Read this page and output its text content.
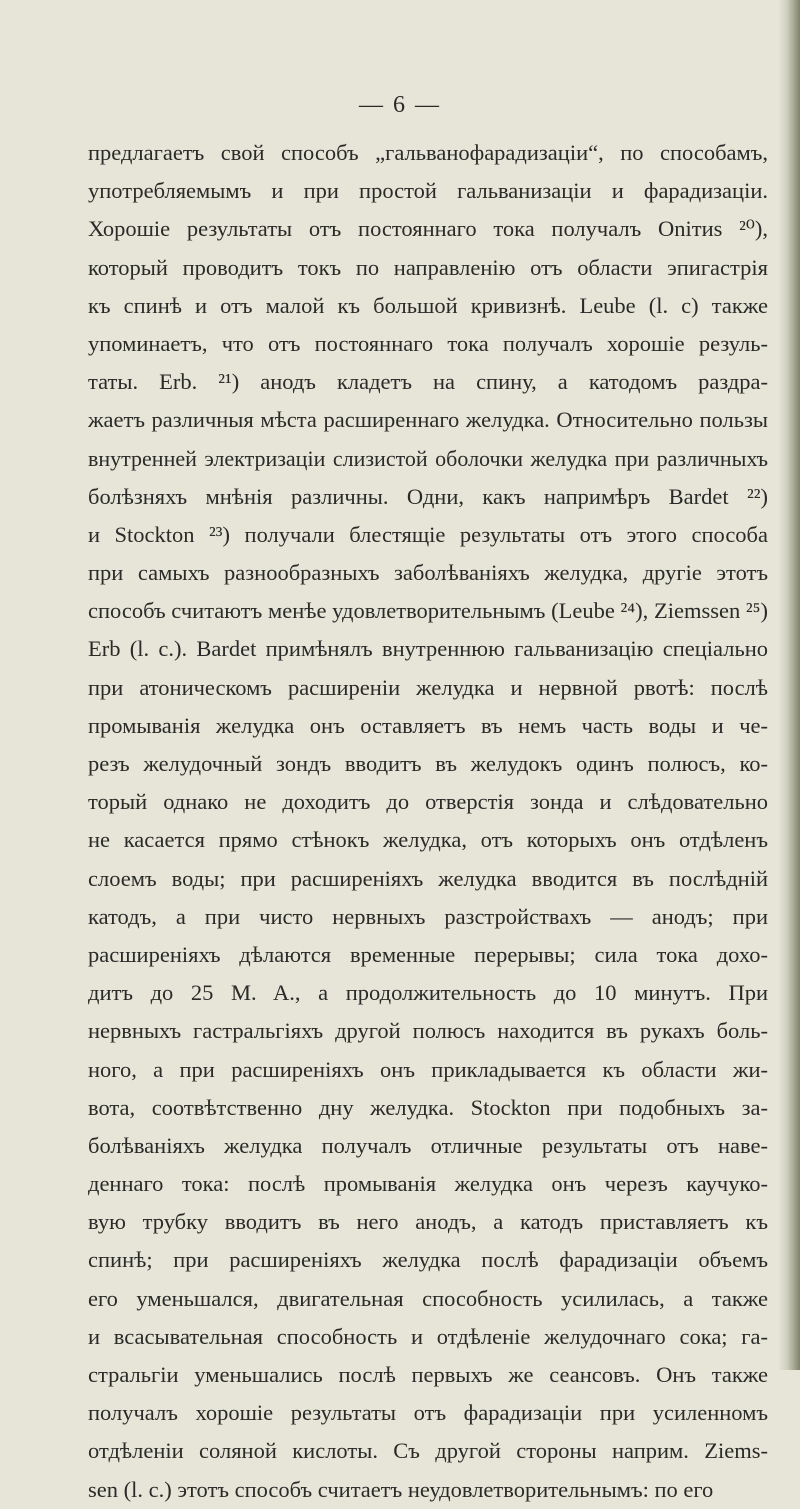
— 6 —
предлагаетъ свой способъ „гальванофарадизацiи“, по способамъ,
употребляемымъ и при простой гальванизацiи и фарадизацiи.
Хорошiе результаты отъ постояннаго тока получалъ Oniтиs ²⁰),
который проводитъ токъ по направленiю отъ области эпигастрiя
къ спинѣ и отъ малой къ большой кривизнѣ. Leube (l. c) также
упоминаетъ, что отъ постояннаго тока получалъ хорошiе резуль-
таты. Erb. ²¹) анодъ кладетъ на спину, а катодомъ раздра-
жаетъ различныя мѣста расширеннаго желудка. Относительно пользы
внутренней электризацiи слизистой оболочки желудка при различныхъ
болѣзняхъ мнѣнiя различны. Одни, какъ напримѣръ Bardet ²²)
и Stockton ²³) получали блестящiе результаты отъ этого способа
при самыхъ разнообразныхъ заболѣванiяхъ желудка, другiе этотъ
способъ считаютъ менѣе удовлетворительнымъ (Leube ²⁴), Ziemssen ²⁵)
Erb (l. c.). Bardet примѣнялъ внутреннюю гальванизацiю спецiально
при атоническомъ расширенiи желудка и нервной рвотѣ: послѣ
промыванiя желудка онъ оставляетъ въ немъ часть воды и че-
резъ желудочный зондъ вводитъ въ желудокъ одинъ полюсъ, ко-
торый однако не доходитъ до отверстiя зонда и слѣдовательно
не касается прямо стѣнокъ желудка, отъ которыхъ онъ отдѣленъ
слоемъ воды; при расширенiяхъ желудка вводится въ послѣднiй
катодъ, а при чисто нервныхъ разстройствахъ — анодъ; при
расширенiяхъ дѣлаются временные перерывы; сила тока дохо-
дитъ до 25 M. A., а продолжительность до 10 минутъ. При
нервныхъ гастральгiяхъ другой полюсъ находится въ рукахъ боль-
ного, а при расширенiяхъ онъ прикладывается къ области жи-
вота, соотвѣтственно дну желудка. Stockton при подобныхъ за-
болѣванiяхъ желудка получалъ отличные результаты отъ наве-
деннаго тока: послѣ промыванiя желудка онъ черезъ каучуко-
вую трубку вводитъ въ него анодъ, а катодъ приставляетъ къ
спинѣ; при расширенiяхъ желудка послѣ фарадизацiи объемъ
его уменьшался, двигательная способность усилилась, а также
и всасывательная способность и отдѣленiе желудочнаго сока; га-
стральгiи уменьшались послѣ первыхъ же сеансовъ. Онъ также
получалъ хорошiе результаты отъ фарадизацiи при усиленномъ
отдѣленiи соляной кислоты. Съ другой стороны наприм. Ziems-
sen (l. c.) этотъ способъ считаетъ неудовлетворительнымъ: по его
